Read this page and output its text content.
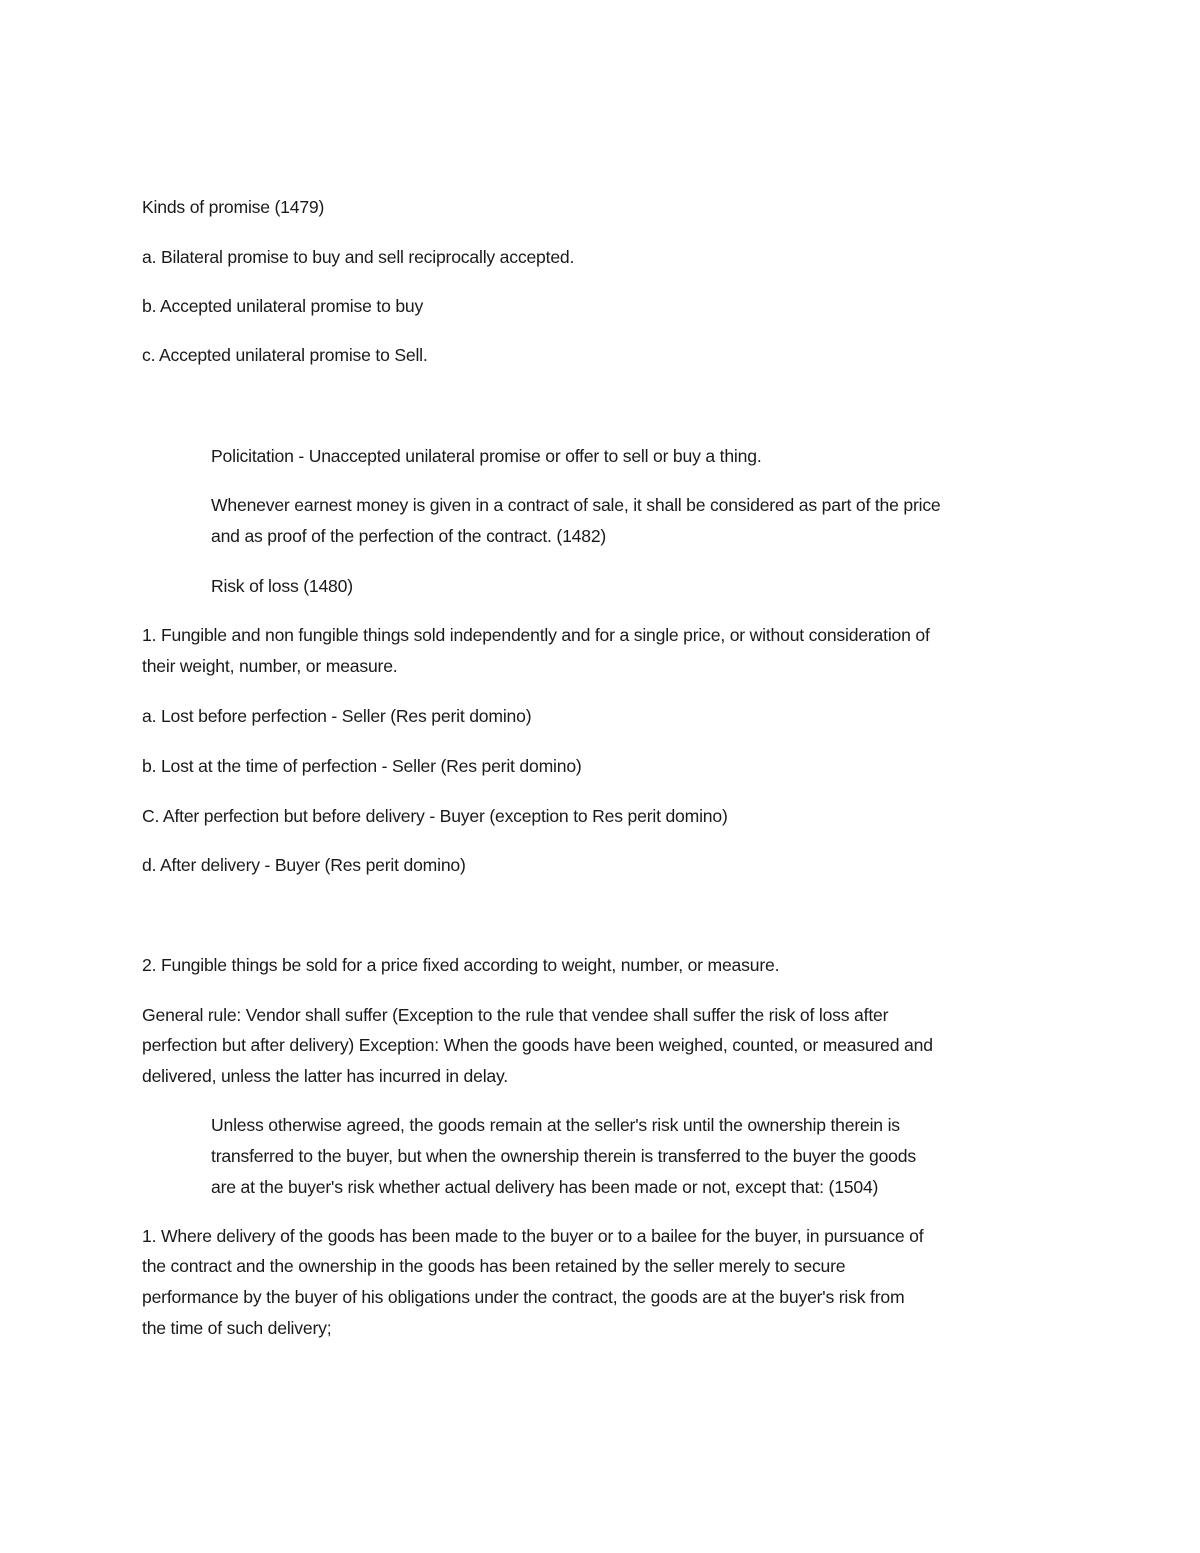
Kinds of promise (1479)

a. Bilateral promise to buy and sell reciprocally accepted.

b. Accepted unilateral promise to buy

c. Accepted unilateral promise to Sell.

Policitation - Unaccepted unilateral promise or offer to sell or buy a thing.

Whenever earnest money is given in a contract of sale, it shall be considered as part of the price

and as proof of the perfection of the contract. (1482)

Risk of loss (1480)

1. Fungible and non fungible things sold independently and for a single price, or without consideration of

their weight, number, or measure.

a. Lost before perfection - Seller (Res perit domino)

b. Lost at the time of perfection - Seller (Res perit domino)

C. After perfection but before delivery - Buyer (exception to Res perit domino)

d. After delivery - Buyer (Res perit domino)

2. Fungible things be sold for a price fixed according to weight, number, or measure.

General rule: Vendor shall suffer (Exception to the rule that vendee shall suffer the risk of loss after

perfection but after delivery) Exception: When the goods have been weighed, counted, or measured and

delivered, unless the latter has incurred in delay.

Unless otherwise agreed, the goods remain at the seller's risk until the ownership therein is

transferred to the buyer, but when the ownership therein is transferred to the buyer the goods

are at the buyer's risk whether actual delivery has been made or not, except that: (1504)

1. Where delivery of the goods has been made to the buyer or to a bailee for the buyer, in pursuance of

the contract and the ownership in the goods has been retained by the seller merely to secure

performance by the buyer of his obligations under the contract, the goods are at the buyer's risk from

the time of such delivery;
